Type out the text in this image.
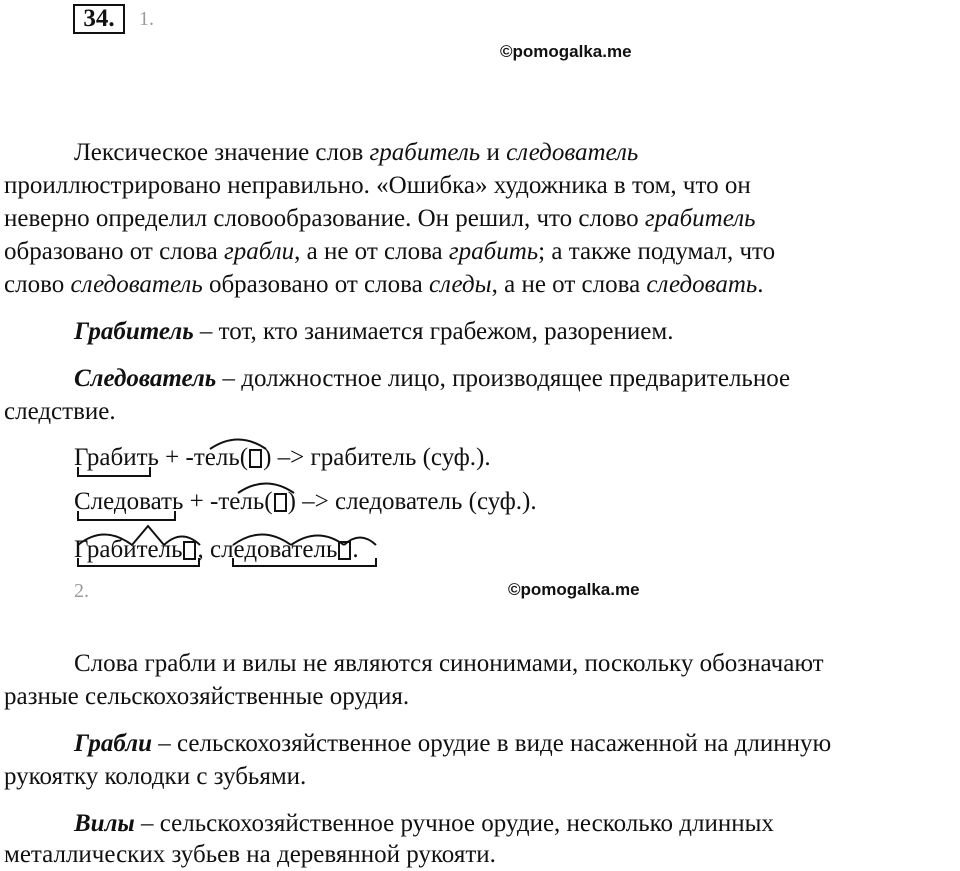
34.	1.
©pomogalka.me
Лексическое значение слов грабитель и следователь
проиллюстрировано неправильно. «Ошибка» художника в том, что он
неверно определил словообразование. Он решил, что слово грабитель
образовано от слова грабли, а не от слова грабить; а также подумал, что
слово следователь образовано от слова следы, а не от слова следовать.
Грабитель – тот, кто занимается грабежом, разорением.
Следователь – должностное лицо, производящее предварительное
следствие.
Грабить + -тель( ) –> грабитель (суф.).
Следовать + -тель( ) –> следователь (суф.).
Грабитель , следователь .
2.	©pomogalka.me
Слова грабли и вилы не являются синонимами, поскольку обозначают
разные сельскохозяйственные орудия.
Грабли – сельскохозяйственное орудие в виде насаженной на длинную
рукоятку колодки с зубьями.
Вилы – сельскохозяйственное ручное орудие, несколько длинных
металлических зубьев на деревянной рукояти.
